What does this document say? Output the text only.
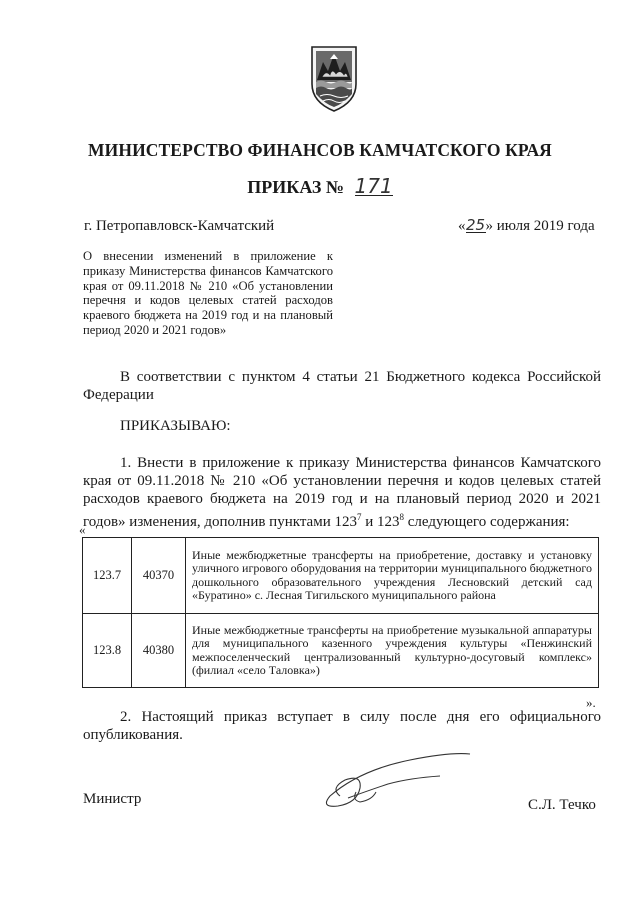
МИНИСТЕРСТВО ФИНАНСОВ КАМЧАТСКОГО КРАЯ
ПРИКАЗ № 171
г. Петропавловск-Камчатский	«25» июля 2019 года
О внесении изменений в приложение к приказу Министерства финансов Камчатского края от 09.11.2018 № 210 «Об установлении перечня и кодов целевых статей расходов краевого бюджета на 2019 год и на плановый период 2020 и 2021 годов»
В соответствии с пунктом 4 статьи 21 Бюджетного кодекса Российской Федерации
ПРИКАЗЫВАЮ:
1. Внести в приложение к приказу Министерства финансов Камчатского края от 09.11.2018 № 210 «Об установлении перечня и кодов целевых статей расходов краевого бюджета на 2019 год и на плановый период 2020 и 2021 годов» изменения, дополнив пунктами $123^7$ и $123^8$ следующего содержания:
«
123.7	40370	Иные межбюджетные трансферты на приобретение, доставку и установку уличного игрового оборудования на территории муниципального бюджетного дошкольного образовательного учреждения Лесновский детский сад «Буратино» с. Лесная Тигильского муниципального района
123.8	40380	Иные межбюджетные трансферты на приобретение музыкальной аппаратуры для муниципального казенного учреждения культуры «Пенжинский межпоселенческий централизованный культурно-досуговый комплекс» (филиал «село Таловка»)
».
2. Настоящий приказ вступает в силу после дня его официального опубликования.
Министр	С.Л. Течко
